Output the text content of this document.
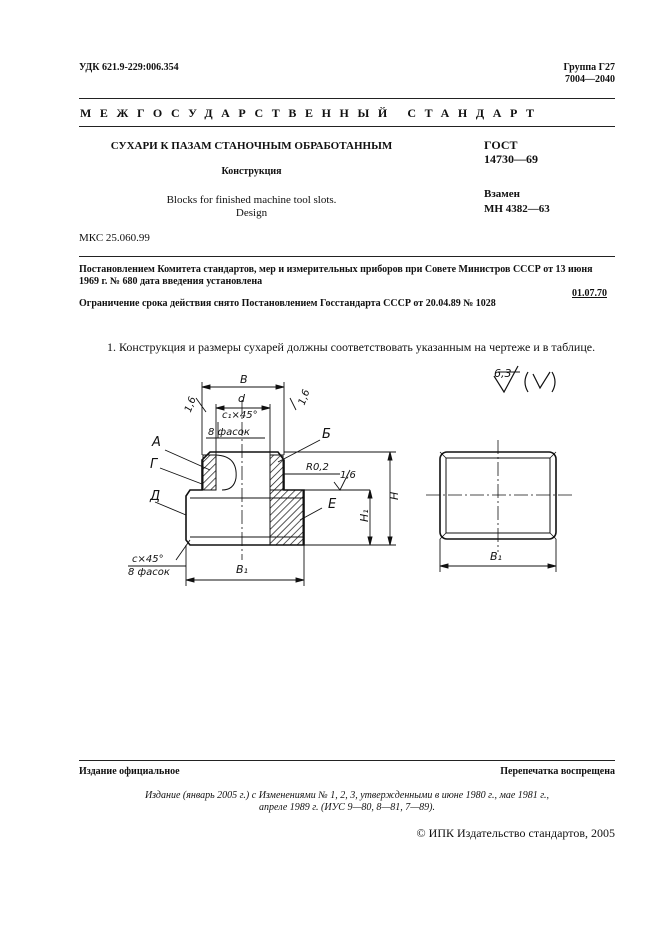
УДК 621.9-229:006.354	Группа Г27
7004—2040
МЕЖГОСУДАРСТВЕННЫЙ СТАНДАРТ
СУХАРИ К ПАЗАМ СТАНОЧНЫМ ОБРАБОТАННЫМ
Конструкция
Blocks for finished machine tool slots.
Design
МКС 25.060.99
ГОСТ
14730—69
Взамен
МН 4382—63
Постановлением Комитета стандартов, мер и измерительных приборов при Совете Министров СССР от 13 июня
1969 г. № 680 дата введения установлена
01.07.70
Ограничение срока действия снято Постановлением Госстандарта СССР от 20.04.89 № 1028
1. Конструкция и размеры сухарей должны соответствовать указанным на чертеже и в таблице.
B
d
c₁×45°
8 фасок
1,6	1,6
А
Г
Д
Б
Е
R0,2
1,6
H
H₁
B₁
c×45°
8 фасок
B₁
6,3
Издание официальное	Перепечатка воспрещена
Издание (январь 2005 г.) с Изменениями № 1, 2, 3, утвержденными в июне 1980 г., мае 1981 г.,
апреле 1989 г. (ИУС 9—80, 8—81, 7—89).
© ИПК Издательство стандартов, 2005
